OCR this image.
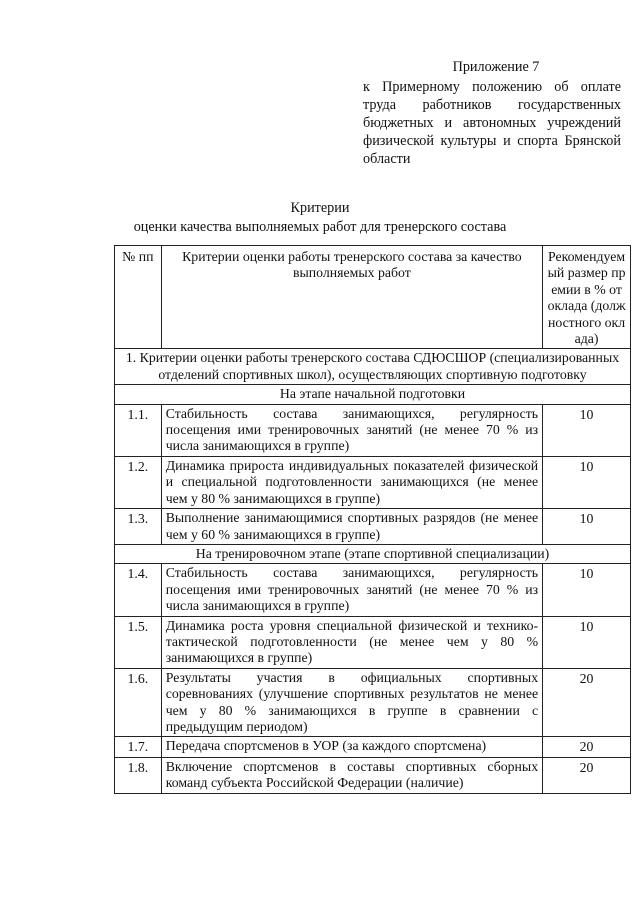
Приложение 7
к Примерному положению об оплате труда работников государственных бюджетных и автономных учреждений физической культуры и спорта Брянской области
Критерии
оценки качества выполняемых работ для тренерского состава
№ пп	Критерии оценки работы тренерского состава за качество выполняемых работ	Рекомендуемый размер премии в % от оклада (должностного оклада)
1. Критерии оценки работы тренерского состава СДЮСШОР (специализированных отделений спортивных школ), осуществляющих спортивную подготовку		
На этапе начальной подготовки		
1.1.	Стабильность состава занимающихся, регулярность посещения ими тренировочных занятий (не менее 70 % из числа занимающихся в группе)	10
1.2.	Динамика прироста индивидуальных показателей физической и специальной подготовленности занимающихся (не менее чем у 80 % занимающихся в группе)	10
1.3.	Выполнение занимающимися спортивных разрядов (не менее чем у 60 % занимающихся в группе)	10
На тренировочном этапе (этапе спортивной специализации)		
1.4.	Стабильность состава занимающихся, регулярность посещения ими тренировочных занятий (не менее 70 % из числа занимающихся в группе)	10
1.5.	Динамика роста уровня специальной физической и технико-тактической подготовленности (не менее чем у 80 % занимающихся в группе)	10
1.6.	Результаты участия в официальных спортивных соревнованиях (улучшение спортивных результатов не менее чем у 80 % занимающихся в группе в сравнении с предыдущим периодом)	20
1.7.	Передача спортсменов в УОР (за каждого спортсмена)	20
1.8.	Включение спортсменов в составы спортивных сборных команд субъекта Российской Федерации (наличие)	20
